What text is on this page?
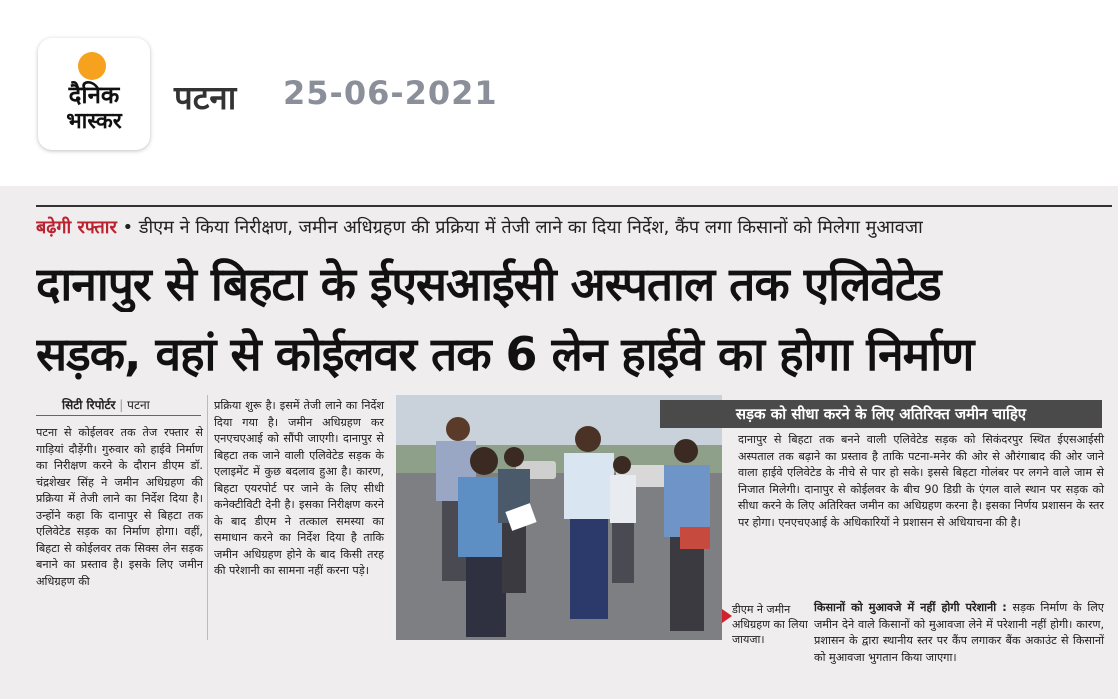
दैनिक
भास्कर
पटना 25-06-2021
बढ़ेगी रफ्तार • डीएम ने किया निरीक्षण, जमीन अधिग्रहण की प्रक्रिया में तेजी लाने का दिया निर्देश, कैंप लगा किसानों को मिलेगा मुआवजा
दानापुर से बिहटा के ईएसआईसी अस्पताल तक एलिवेटेड
सड़क, वहां से कोईलवर तक 6 लेन हाईवे का होगा निर्माण
सिटी रिपोर्टर | पटना

पटना से कोईलवर तक तेज रफ्तार से गाड़ियां दौड़ेंगी। गुरुवार को हाईवे निर्माण का निरीक्षण करने के दौरान डीएम डॉ. चंद्रशेखर सिंह ने जमीन अधिग्रहण की प्रक्रिया में तेजी लाने का निर्देश दिया है। उन्होंने कहा कि दानापुर से बिहटा तक एलिवेटेड सड़क का निर्माण होगा। वहीं, बिहटा से कोईलवर तक सिक्स लेन सड़क बनाने का प्रस्ताव है। इसके लिए जमीन अधिग्रहण की

प्रक्रिया शुरू है। इसमें तेजी लाने का निर्देश दिया गया है। जमीन अधिग्रहण कर एनएचएआई को सौंपी जाएगी। दानापुर से बिहटा तक जाने वाली एलिवेटेड सड़क के एलाइमेंट में कुछ बदलाव हुआ है। कारण, बिहटा एयरपोर्ट पर जाने के लिए सीधी कनेक्टीविटी देनी है। इसका निरीक्षण करने के बाद डीएम ने तत्काल समस्या का समाधान करने का निर्देश दिया है ताकि जमीन अधिग्रहण होने के बाद किसी तरह की परेशानी का सामना नहीं करना पड़े।

सड़क को सीधा करने के लिए अतिरिक्त जमीन चाहिए

दानापुर से बिहटा तक बनने वाली एलिवेटेड सड़क को सिकंदरपुर स्थित ईएसआईसी अस्पताल तक बढ़ाने का प्रस्ताव है ताकि पटना-मनेर की ओर से औरंगाबाद की ओर जाने वाला हाईवे एलिवेटेड के नीचे से पार हो सके। इससे बिहटा गोलंबर पर लगने वाले जाम से निजात मिलेगी। दानापुर से कोईलवर के बीच 90 डिग्री के एंगल वाले स्थान पर सड़क को सीधा करने के लिए अतिरिक्त जमीन का अधिग्रहण करना है। इसका निर्णय प्रशासन के स्तर पर होगा। एनएचएआई के अधिकारियों ने प्रशासन से अधियाचना की है।

डीएम ने जमीन अधिग्रहण का लिया जायजा।

किसानों को मुआवजे में नहीं होगी परेशानी : सड़क निर्माण के लिए जमीन देने वाले किसानों को मुआवजा लेने में परेशानी नहीं होगी। कारण, प्रशासन के द्वारा स्थानीय स्तर पर कैंप लगाकर बैंक अकाउंट से किसानों को मुआवजा भुगतान किया जाएगा।
